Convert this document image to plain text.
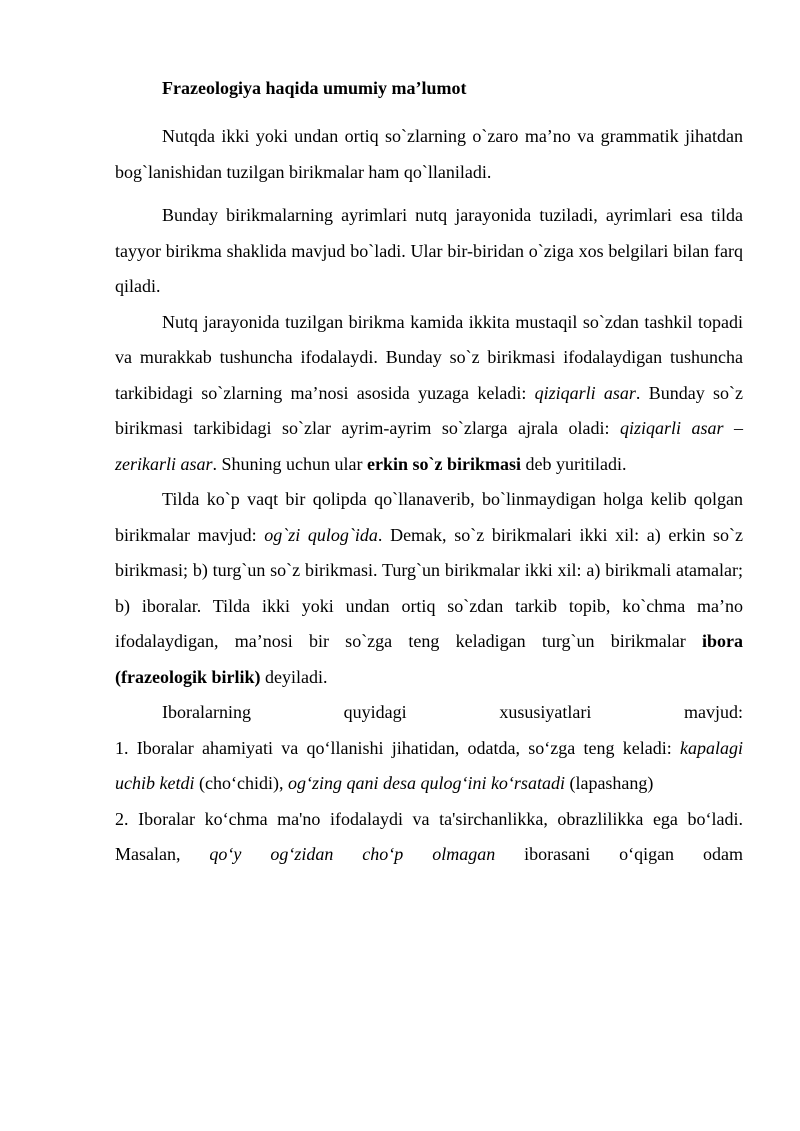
Frazeologiya haqida umumiy ma’lumot

Nutqda ikki yoki undan ortiq so`zlarning o`zaro ma’no va grammatik jihatdan bog`lanishidan tuzilgan birikmalar ham qo`llaniladi.

Bunday birikmalarning ayrimlari nutq jarayonida tuziladi, ayrimlari esa tilda tayyor birikma shaklida mavjud bo`ladi. Ular bir-biridan o`ziga xos belgilari bilan farq qiladi.

Nutq jarayonida tuzilgan birikma kamida ikkita mustaqil so`zdan tashkil topadi va murakkab tushuncha ifodalaydi. Bunday so`z birikmasi ifodalaydigan tushuncha tarkibidagi so`zlarning ma’nosi asosida yuzaga keladi: qiziqarli asar. Bunday so`z birikmasi tarkibidagi so`zlar ayrim-ayrim so`zlarga ajrala oladi: qiziqarli asar – zerikarli asar. Shuning uchun ular erkin so`z birikmasi deb yuritiladi.

Tilda ko`p vaqt bir qolipda qo`llanaverib, bo`linmaydigan holga kelib qolgan birikmalar mavjud: og`zi qulog`ida. Demak, so`z birikmalari ikki xil: a) erkin so`z birikmasi; b) turg`un so`z birikmasi. Turg`un birikmalar ikki xil: a) birikmali atamalar; b) iboralar. Tilda ikki yoki undan ortiq so`zdan tarkib topib, ko`chma ma’no ifodalaydigan, ma’nosi bir so`zga teng keladigan turg`un birikmalar ibora (frazeologik birlik) deyiladi.

Iboralarning quyidagi xususiyatlari mavjud:

1. Iboralar ahamiyati va qo‘llanishi jihatidan, odatda, so‘zga teng keladi: kapalagi uchib ketdi (cho‘chidi), og‘zing qani desa qulog‘ini ko‘rsatadi (lapashang)

2. Iboralar ko‘chma ma'no ifodalaydi va ta'sirchanlikka, obrazlilikka ega bo‘ladi. Masalan, qo‘y og‘zidan cho‘p olmagan iborasani o‘qigan odam
